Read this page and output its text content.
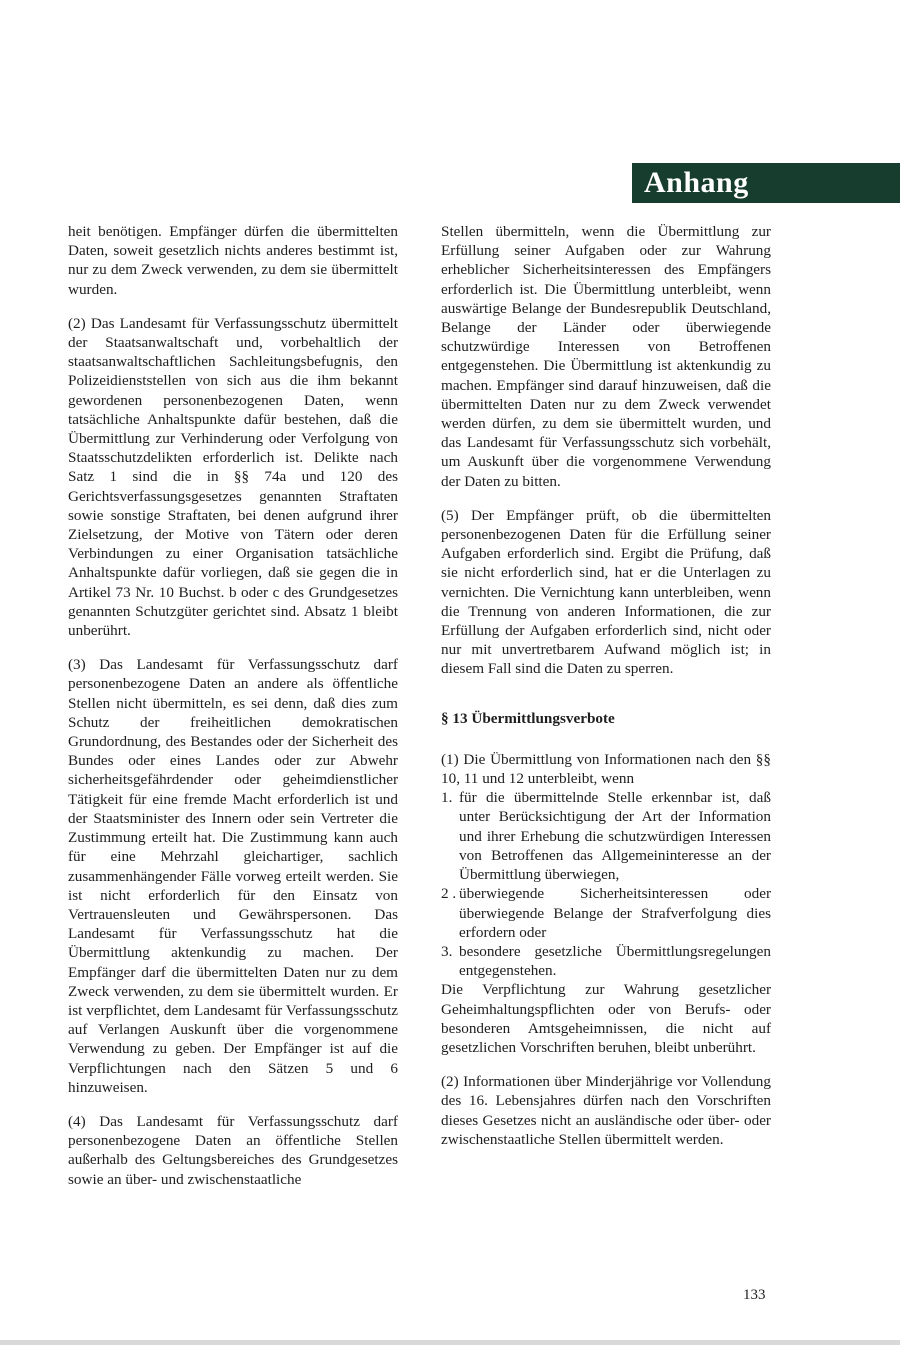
Anhang

heit benötigen. Empfänger dürfen die übermittelten Daten, soweit gesetzlich nichts anderes bestimmt ist, nur zu dem Zweck verwenden, zu dem sie übermittelt wurden.

(2) Das Landesamt für Verfassungsschutz übermittelt der Staatsanwaltschaft und, vorbehaltlich der staatsanwaltschaftlichen Sachleitungsbefugnis, den Polizeidienststellen von sich aus die ihm bekannt gewordenen personenbezogenen Daten, wenn tatsächliche Anhaltspunkte dafür bestehen, daß die Übermittlung zur Verhinderung oder Verfolgung von Staatsschutzdelikten erforderlich ist. Delikte nach Satz 1 sind die in §§ 74a und 120 des Gerichtsverfassungsgesetzes genannten Straftaten sowie sonstige Straftaten, bei denen aufgrund ihrer Zielsetzung, der Motive von Tätern oder deren Verbindungen zu einer Organisation tatsächliche Anhaltspunkte dafür vorliegen, daß sie gegen die in Artikel 73 Nr. 10 Buchst. b oder c des Grundgesetzes genannten Schutzgüter gerichtet sind. Absatz 1 bleibt unberührt.

(3) Das Landesamt für Verfassungsschutz darf personenbezogene Daten an andere als öffentliche Stellen nicht übermitteln, es sei denn, daß dies zum Schutz der freiheitlichen demokratischen Grundordnung, des Bestandes oder der Sicherheit des Bundes oder eines Landes oder zur Abwehr sicherheitsgefährdender oder geheimdienstlicher Tätigkeit für eine fremde Macht erforderlich ist und der Staatsminister des Innern oder sein Vertreter die Zustimmung erteilt hat. Die Zustimmung kann auch für eine Mehrzahl gleichartiger, sachlich zusammenhängender Fälle vorweg erteilt werden. Sie ist nicht erforderlich für den Einsatz von Vertrauensleuten und Gewährspersonen. Das Landesamt für Verfassungsschutz hat die Übermittlung aktenkundig zu machen. Der Empfänger darf die übermittelten Daten nur zu dem Zweck verwenden, zu dem sie übermittelt wurden. Er ist verpflichtet, dem Landesamt für Verfassungsschutz auf Verlangen Auskunft über die vorgenommene Verwendung zu geben. Der Empfänger ist auf die Verpflichtungen nach den Sätzen 5 und 6 hinzuweisen.

(4) Das Landesamt für Verfassungsschutz darf personenbezogene Daten an öffentliche Stellen außerhalb des Geltungsbereiches des Grundgesetzes sowie an über- und zwischenstaatliche

Stellen übermitteln, wenn die Übermittlung zur Erfüllung seiner Aufgaben oder zur Wahrung erheblicher Sicherheitsinteressen des Empfängers erforderlich ist. Die Übermittlung unterbleibt, wenn auswärtige Belange der Bundesrepublik Deutschland, Belange der Länder oder überwiegende schutzwürdige Interessen von Betroffenen entgegenstehen. Die Übermittlung ist aktenkundig zu machen. Empfänger sind darauf hinzuweisen, daß die übermittelten Daten nur zu dem Zweck verwendet werden dürfen, zu dem sie übermittelt wurden, und das Landesamt für Verfassungsschutz sich vorbehält, um Auskunft über die vorgenommene Verwendung der Daten zu bitten.

(5) Der Empfänger prüft, ob die übermittelten personenbezogenen Daten für die Erfüllung seiner Aufgaben erforderlich sind. Ergibt die Prüfung, daß sie nicht erforderlich sind, hat er die Unterlagen zu vernichten. Die Vernichtung kann unterbleiben, wenn die Trennung von anderen Informationen, die zur Erfüllung der Aufgaben erforderlich sind, nicht oder nur mit unvertretbarem Aufwand möglich ist; in diesem Fall sind die Daten zu sperren.

§ 13 Übermittlungsverbote

(1) Die Übermittlung von Informationen nach den §§ 10, 11 und 12 unterbleibt, wenn

1. für die übermittelnde Stelle erkennbar ist, daß unter Berücksichtigung der Art der Information und ihrer Erhebung die schutzwürdigen Interessen von Betroffenen das Allgemeininteresse an der Übermittlung überwiegen,
2 . überwiegende Sicherheitsinteressen oder überwiegende Belange der Strafverfolgung dies erfordern oder
3. besondere gesetzliche Übermittlungsregelungen entgegenstehen.

Die Verpflichtung zur Wahrung gesetzlicher Geheimhaltungspflichten oder von Berufs- oder besonderen Amtsgeheimnissen, die nicht auf gesetzlichen Vorschriften beruhen, bleibt unberührt.

(2) Informationen über Minderjährige vor Vollendung des 16. Lebensjahres dürfen nach den Vorschriften dieses Gesetzes nicht an ausländische oder über- oder zwischenstaatliche Stellen übermittelt werden.

133
